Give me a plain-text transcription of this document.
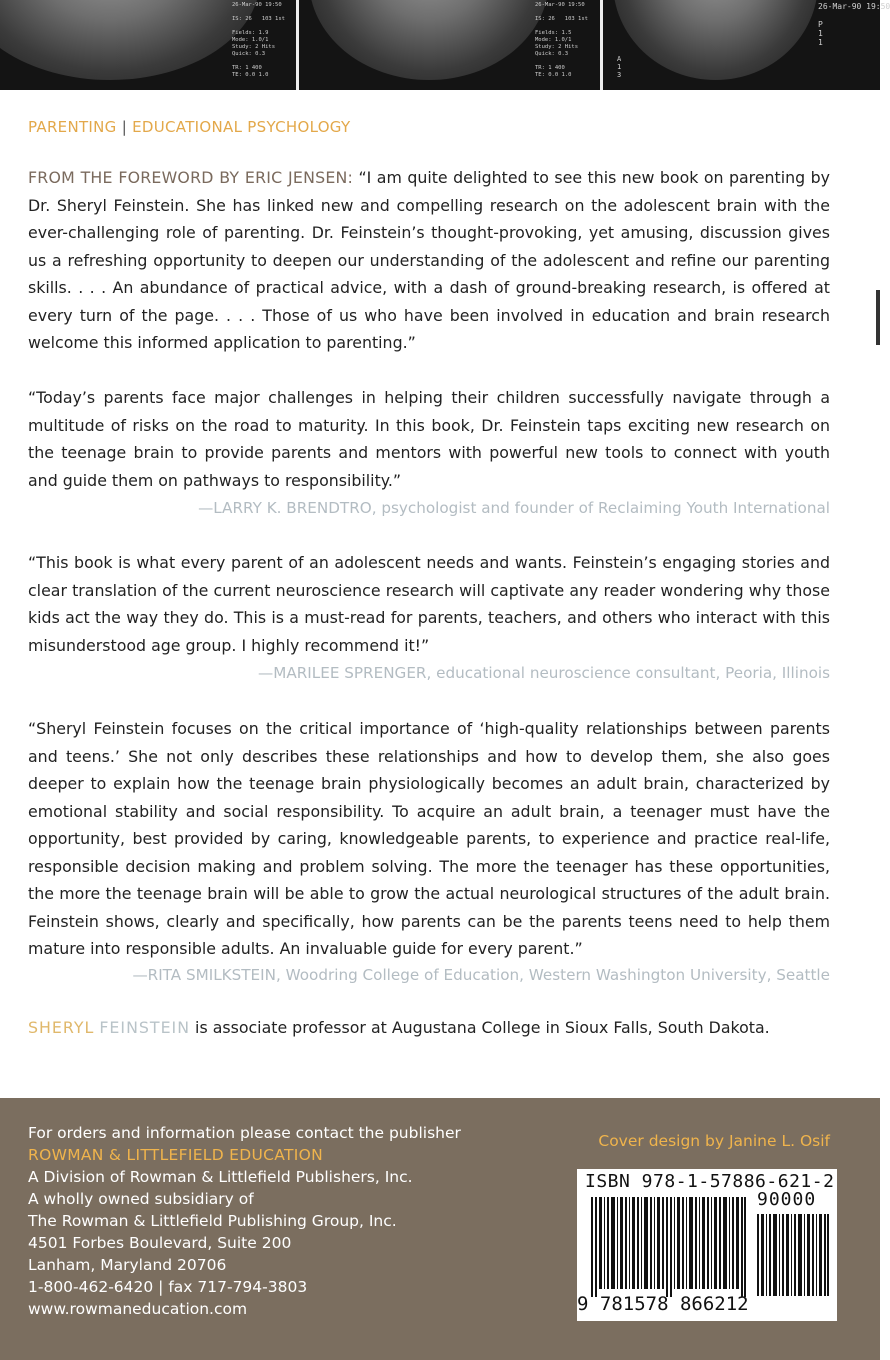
26-Mar-90 19:50

IS: 26   103 1st

Fields: 1.9
Mode: 1.0/1
Study: 2 Hits
Quick: 0.3

TR: 1 400
TE: 0.0 1.0
26-Mar-90 19:50

IS: 26   103 1st

Fields: 1.5
Mode: 1.0/1
Study: 2 Hits
Quick: 0.3

TR: 1 400
TE: 0.0 1.0
26-Mar-90 19:50

P
1
1
A
1
3
PARENTING | EDUCATIONAL PSYCHOLOGY
FROM THE FOREWORD BY ERIC JENSEN: “I am quite delighted to see this new book on parenting by Dr. Sheryl Feinstein. She has linked new and compelling research on the adolescent brain with the ever-challenging role of parenting. Dr. Feinstein’s thought-provoking, yet amusing, discussion gives us a refreshing opportunity to deepen our understanding of the adolescent and refine our parenting skills. . . . An abundance of practical advice, with a dash of ground-breaking research, is offered at every turn of the page. . . . Those of us who have been involved in education and brain research welcome this informed application to parenting.”
“Today’s parents face major challenges in helping their children successfully navigate through a multitude of risks on the road to maturity. In this book, Dr. Feinstein taps exciting new research on the teenage brain to provide parents and mentors with powerful new tools to connect with youth and guide them on pathways to responsibility.”
—LARRY K. BRENDTRO, psychologist and founder of Reclaiming Youth International
“This book is what every parent of an adolescent needs and wants. Feinstein’s engaging stories and clear translation of the current neuroscience research will captivate any reader wondering why those kids act the way they do. This is a must-read for parents, teachers, and others who interact with this misunderstood age group. I highly recommend it!”
—MARILEE SPRENGER, educational neuroscience consultant, Peoria, Illinois
“Sheryl Feinstein focuses on the critical importance of ‘high-quality relationships between parents and teens.’ She not only describes these relationships and how to develop them, she also goes deeper to explain how the teenage brain physiologically becomes an adult brain, characterized by emotional stability and social responsibility. To acquire an adult brain, a teenager must have the opportunity, best provided by caring, knowledgeable parents, to experience and practice real-life, responsible decision making and problem solving. The more the teenager has these opportunities, the more the teenage brain will be able to grow the actual neurological structures of the adult brain. Feinstein shows, clearly and specifically, how parents can be the parents teens need to help them mature into responsible adults. An invaluable guide for every parent.”
—RITA SMILKSTEIN, Woodring College of Education, Western Washington University, Seattle
SHERYL FEINSTEIN is associate professor at Augustana College in Sioux Falls, South Dakota.
For orders and information please contact the publisher
ROWMAN & LITTLEFIELD EDUCATION
A Division of Rowman & Littlefield Publishers, Inc.
A wholly owned subsidiary of
The Rowman & Littlefield Publishing Group, Inc.
4501 Forbes Boulevard, Suite 200
Lanham, Maryland 20706
1-800-462-6420 | fax 717-794-3803
www.rowmaneducation.com
Cover design by Janine L. Osif
ISBN 978-1-57886-621-2
90000
9 781578 866212
